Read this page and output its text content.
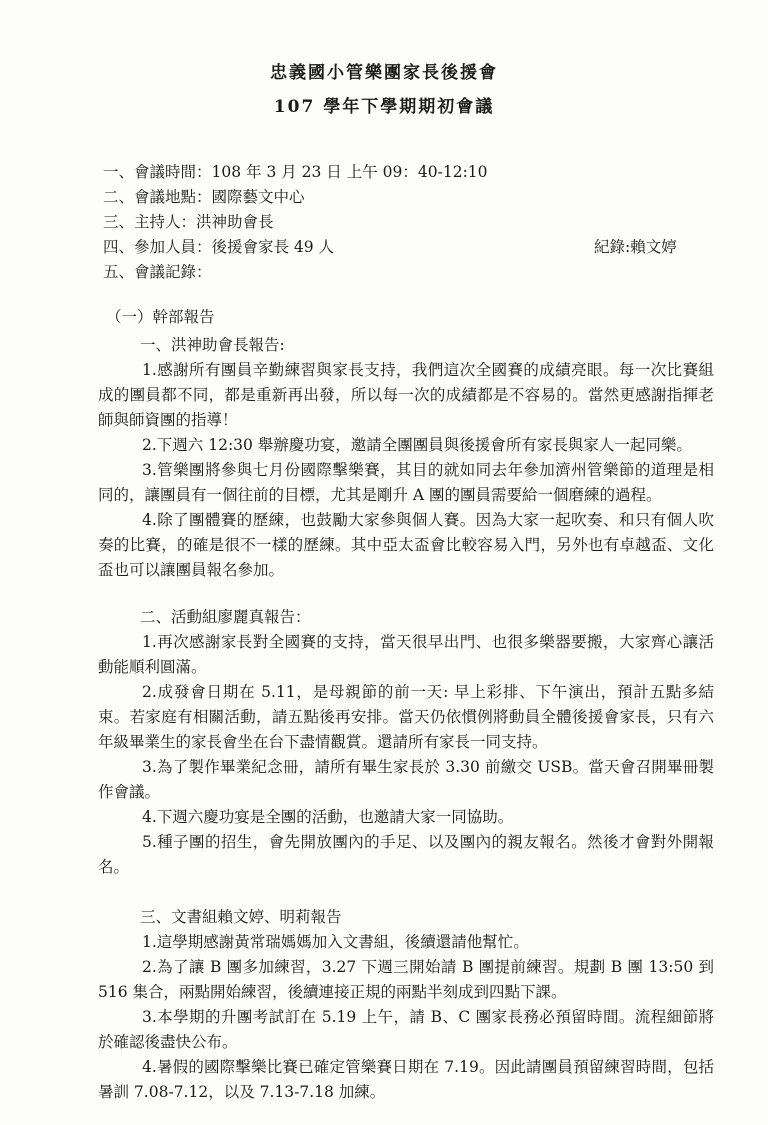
忠義國小管樂團家長後援會
107 學年下學期期初會議
一、會議時間：108 年 3 月 23 日 上午 09：40-12:10
二、會議地點：國際藝文中心
三、主持人：洪神助會長
四、參加人員：後援會家長 49 人
五、會議記錄：
紀錄:賴文婷
（一）幹部報告
一、洪神助會長報告:

1.感謝所有團員辛勤練習與家長支持，我們這次全國賽的成績亮眼。每一次比賽組成的團員都不同，都是重新再出發，所以每一次的成績都是不容易的。當然更感謝指揮老師與師資團的指導！

2.下週六 12:30 舉辦慶功宴，邀請全團團員與後援會所有家長與家人一起同樂。

3.管樂團將參與七月份國際擊樂賽，其目的就如同去年參加濟州管樂節的道理是相同的，讓團員有一個往前的目標，尤其是剛升 A 團的團員需要給一個磨練的過程。

4.除了團體賽的歷練，也鼓勵大家參與個人賽。因為大家一起吹奏、和只有個人吹奏的比賽，的確是很不一樣的歷練。其中亞太盃會比較容易入門，另外也有卓越盃、文化盃也可以讓團員報名參加。

二、活動組廖麗真報告：

1.再次感謝家長對全國賽的支持，當天很早出門、也很多樂器要搬，大家齊心讓活動能順利圓滿。

2.成發會日期在 5.11，是母親節的前一天: 早上彩排、下午演出，預計五點多結束。若家庭有相關活動，請五點後再安排。當天仍依慣例將動員全體後援會家長，只有六年級畢業生的家長會坐在台下盡情觀賞。還請所有家長一同支持。

3.為了製作畢業紀念冊，請所有畢生家長於 3.30 前繳交 USB。當天會召開畢冊製作會議。

4.下週六慶功宴是全團的活動，也邀請大家一同協助。

5.種子團的招生，會先開放團內的手足、以及團內的親友報名。然後才會對外開報名。

三、文書組賴文婷、明莉報告

1.這學期感謝黃常瑞媽媽加入文書組，後續還請他幫忙。

2.為了讓 B 團多加練習，3.27 下週三開始請 B 團提前練習。規劃 B 團 13:50 到 516 集合，兩點開始練習，後續連接正規的兩點半刻成到四點下課。

3.本學期的升團考試訂在 5.19 上午，請 B、C 團家長務必預留時間。流程細節將於確認後盡快公布。

4.暑假的國際擊樂比賽已確定管樂賽日期在 7.19。因此請團員預留練習時間，包括暑訓 7.08-7.12，以及 7.13-7.18 加練。
